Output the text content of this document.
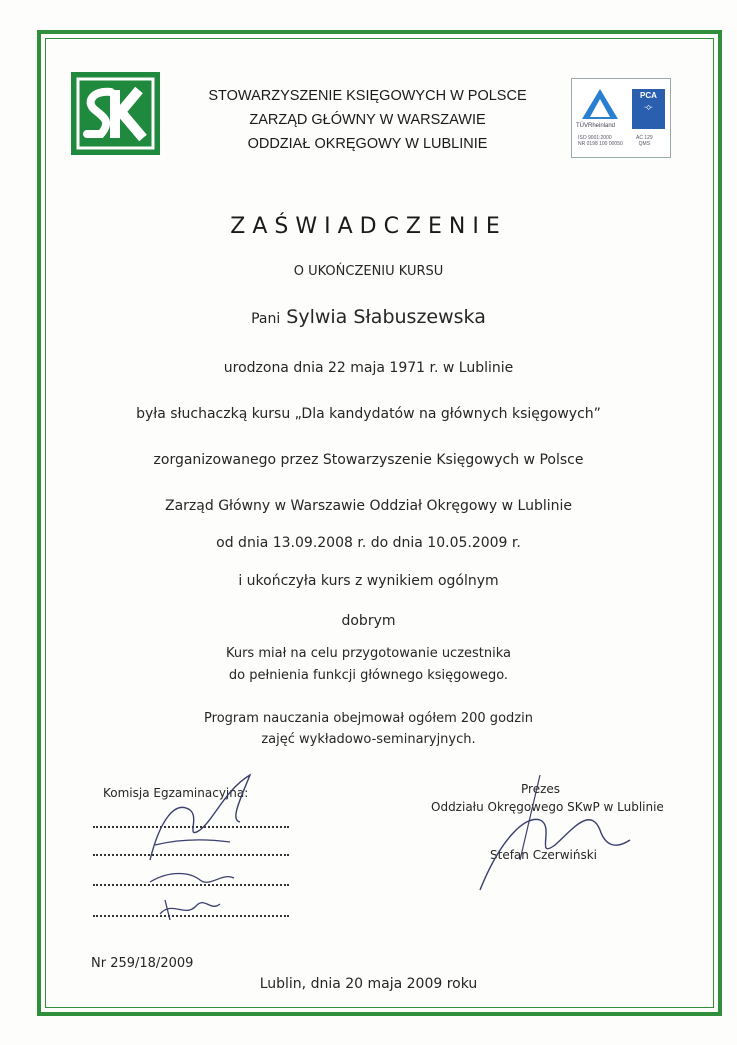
STOWARZYSZENIE KSIĘGOWYCH W POLSCE
ZARZĄD GŁÓWNY W WARSZAWIE
ODDZIAŁ OKRĘGOWY W LUBLINIE
PCA
◦◇◦
TÜVRheinland
ISO 9001:2000
NR 0198 100 00050
AC 129
QMS
ZAŚWIADCZENIE
O UKOŃCZENIU KURSU
Pani Sylwia Słabuszewska
urodzona dnia 22 maja 1971 r. w Lublinie
była słuchaczką kursu „Dla kandydatów na głównych księgowych”
zorganizowanego przez Stowarzyszenie Księgowych w Polsce
Zarząd Główny w Warszawie Oddział Okręgowy w Lublinie
od dnia 13.09.2008 r. do dnia 10.05.2009 r.
i ukończyła kurs z wynikiem ogólnym
dobrym
Kurs miał na celu przygotowanie uczestnika
do pełnienia funkcji głównego księgowego.
Program nauczania obejmował ogółem 200 godzin
zajęć wykładowo-seminaryjnych.
Komisja Egzaminacyjna:	Prezes
Oddziału Okręgowego SKwP w Lublinie
Stefan Czerwiński
Nr 259/18/2009
Lublin, dnia 20 maja 2009 roku
